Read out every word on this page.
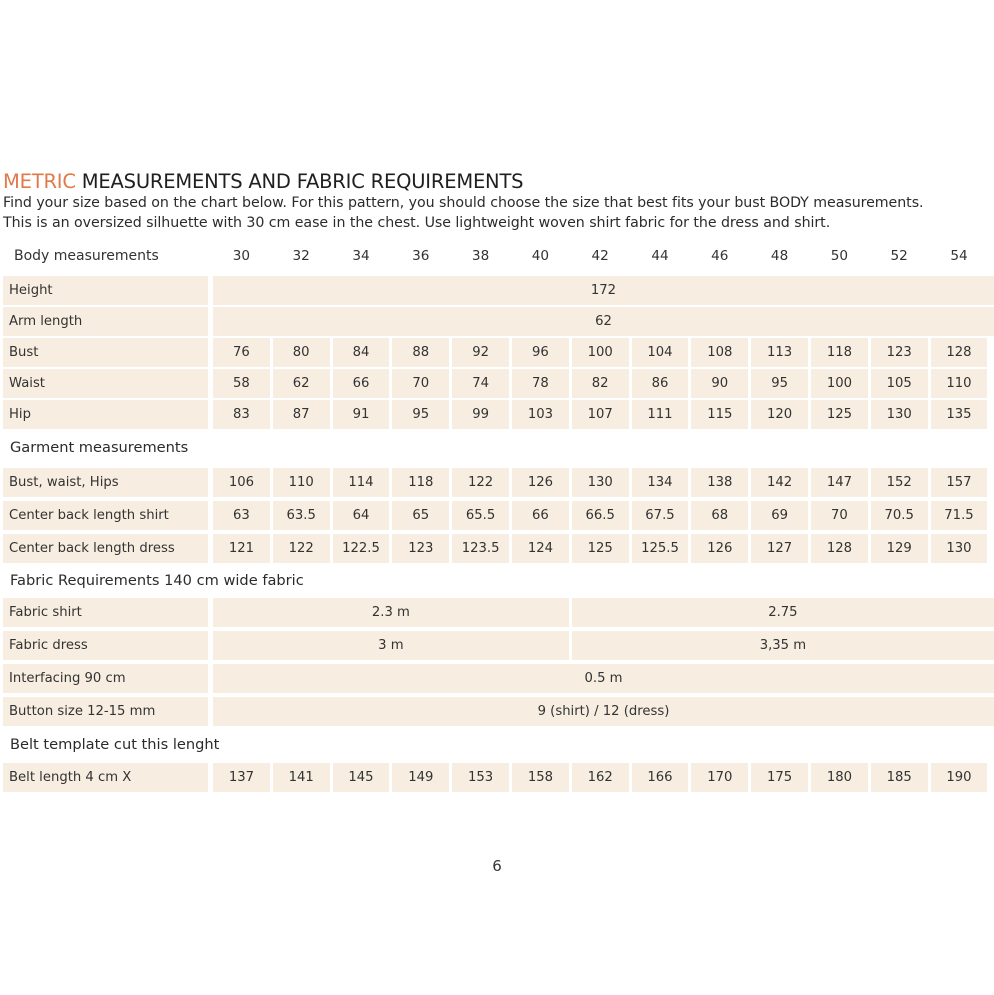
METRIC MEASUREMENTS AND FABRIC REQUIREMENTS
Find your size based on the chart below. For this pattern, you should choose the size that best fits your bust BODY measurements.
This is an oversized silhuette with 30 cm ease in the chest. Use lightweight woven shirt fabric for the dress and shirt.
Body measurements	30	32	34	36	38	40	42	44	46	48	50	52	54
Height	172
Arm length	62
Bust	76	80	84	88	92	96	100	104	108	113	118	123	128
Waist	58	62	66	70	74	78	82	86	90	95	100	105	110
Hip	83	87	91	95	99	103	107	111	115	120	125	130	135
Garment measurements
Bust, waist, Hips	106	110	114	118	122	126	130	134	138	142	147	152	157
Center back length shirt	63	63.5	64	65	65.5	66	66.5	67.5	68	69	70	70.5	71.5
Center back length dress	121	122	122.5	123	123.5	124	125	125.5	126	127	128	129	130
Fabric Requirements 140 cm wide fabric
Fabric shirt	2.3 m	2.75
Fabric dress	3 m	3,35 m
Interfacing 90 cm	0.5 m
Button size 12-15 mm	9 (shirt) / 12 (dress)
Belt template cut this lenght
Belt length 4 cm X	137	141	145	149	153	158	162	166	170	175	180	185	190
6
